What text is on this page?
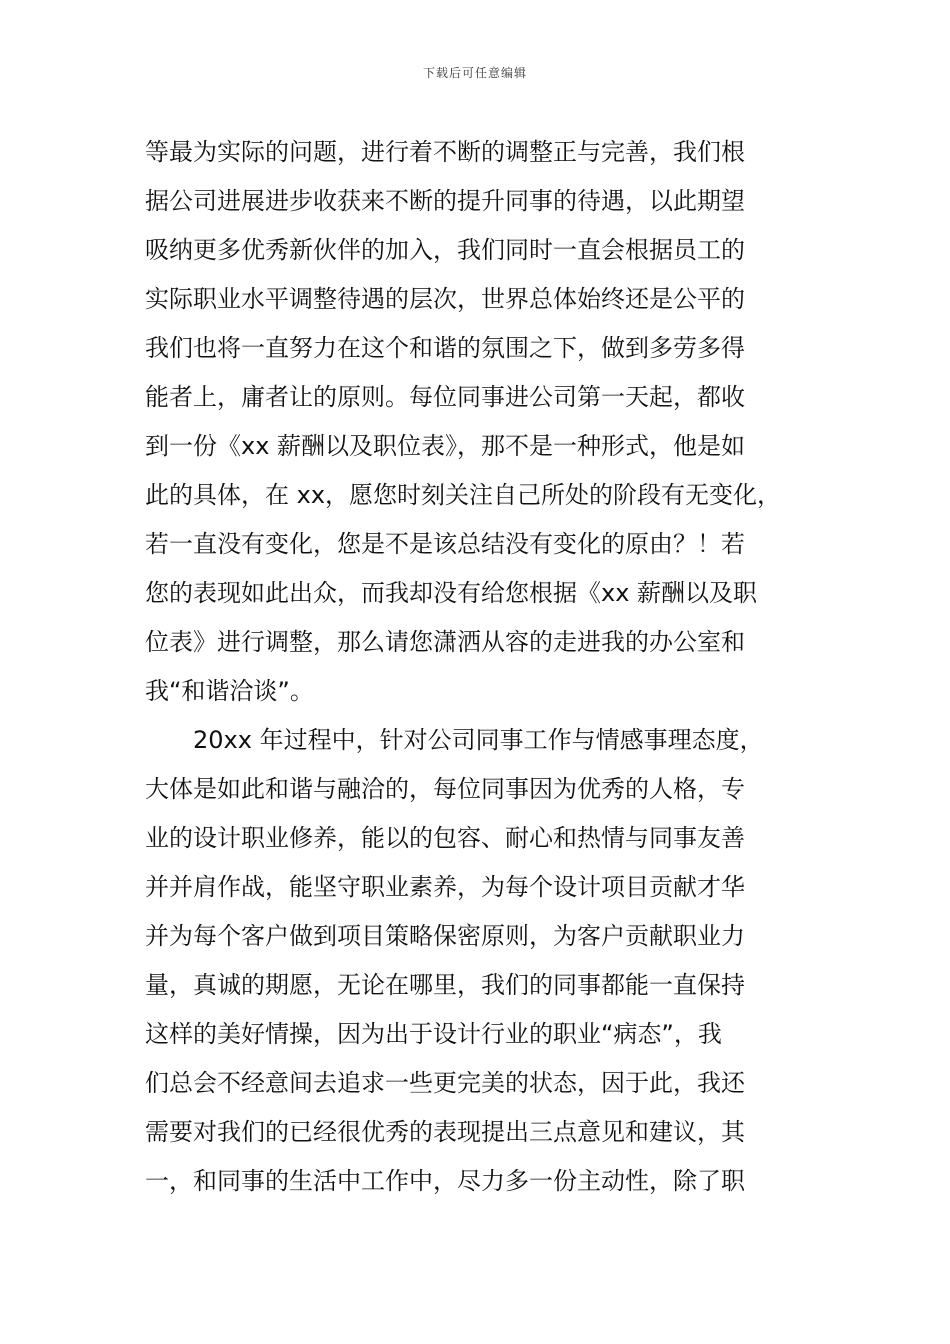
下载后可任意编辑
等最为实际的问题，进行着不断的调整正与完善，我们根
据公司进展进步收获来不断的提升同事的待遇，以此期望
吸纳更多优秀新伙伴的加入，我们同时一直会根据员工的
实际职业水平调整待遇的层次，世界总体始终还是公平的
我们也将一直努力在这个和谐的氛围之下，做到多劳多得
能者上，庸者让的原则。每位同事进公司第一天起，都收
到一份《xx 薪酬以及职位表》，那不是一种形式，他是如
此的具体，在 xx，愿您时刻关注自己所处的阶段有无变化，
若一直没有变化，您是不是该总结没有变化的原由？！若
您的表现如此出众，而我却没有给您根据《xx 薪酬以及职
位表》进行调整，那么请您潇洒从容的走进我的办公室和
我“和谐洽谈”。
　　20xx 年过程中，针对公司同事工作与情感事理态度，
大体是如此和谐与融洽的，每位同事因为优秀的人格，专
业的设计职业修养，能以的包容、耐心和热情与同事友善
并并肩作战，能坚守职业素养，为每个设计项目贡献才华
并为每个客户做到项目策略保密原则，为客户贡献职业力
量，真诚的期愿，无论在哪里，我们的同事都能一直保持
这样的美好情操，因为出于设计行业的职业“病态”，我
们总会不经意间去追求一些更完美的状态，因于此，我还
需要对我们的已经很优秀的表现提出三点意见和建议，其
一，和同事的生活中工作中，尽力多一份主动性，除了职
